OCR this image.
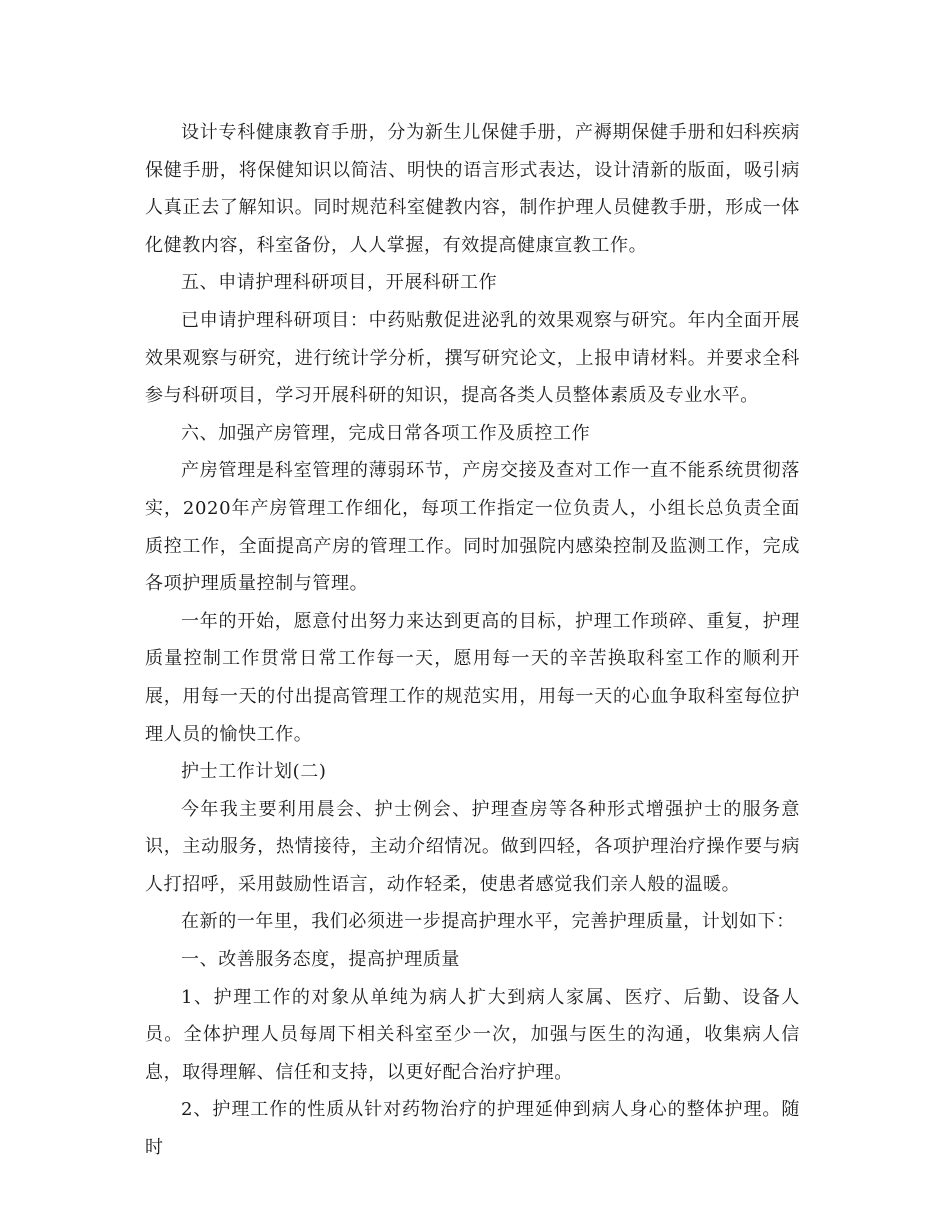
设计专科健康教育手册，分为新生儿保健手册，产褥期保健手册和妇科疾病保健手册，将保健知识以简洁、明快的语言形式表达，设计清新的版面，吸引病人真正去了解知识。同时规范科室健教内容，制作护理人员健教手册，形成一体化健教内容，科室备份，人人掌握，有效提高健康宣教工作。

五、申请护理科研项目，开展科研工作

已申请护理科研项目：中药贴敷促进泌乳的效果观察与研究。年内全面开展效果观察与研究，进行统计学分析，撰写研究论文，上报申请材料。并要求全科参与科研项目，学习开展科研的知识，提高各类人员整体素质及专业水平。

六、加强产房管理，完成日常各项工作及质控工作

产房管理是科室管理的薄弱环节，产房交接及查对工作一直不能系统贯彻落实，2020年产房管理工作细化，每项工作指定一位负责人，小组长总负责全面质控工作，全面提高产房的管理工作。同时加强院内感染控制及监测工作，完成各项护理质量控制与管理。

一年的开始，愿意付出努力来达到更高的目标，护理工作琐碎、重复，护理质量控制工作贯常日常工作每一天，愿用每一天的辛苦换取科室工作的顺利开展，用每一天的付出提高管理工作的规范实用，用每一天的心血争取科室每位护理人员的愉快工作。

护士工作计划(二)

今年我主要利用晨会、护士例会、护理查房等各种形式增强护士的服务意识，主动服务，热情接待，主动介绍情况。做到四轻，各项护理治疗操作要与病人打招呼，采用鼓励性语言，动作轻柔，使患者感觉我们亲人般的温暖。

在新的一年里，我们必须进一步提高护理水平，完善护理质量，计划如下：

一、改善服务态度，提高护理质量

1、护理工作的对象从单纯为病人扩大到病人家属、医疗、后勤、设备人员。全体护理人员每周下相关科室至少一次，加强与医生的沟通，收集病人信息，取得理解、信任和支持，以更好配合治疗护理。

2、护理工作的性质从针对药物治疗的护理延伸到病人身心的整体护理。随时
